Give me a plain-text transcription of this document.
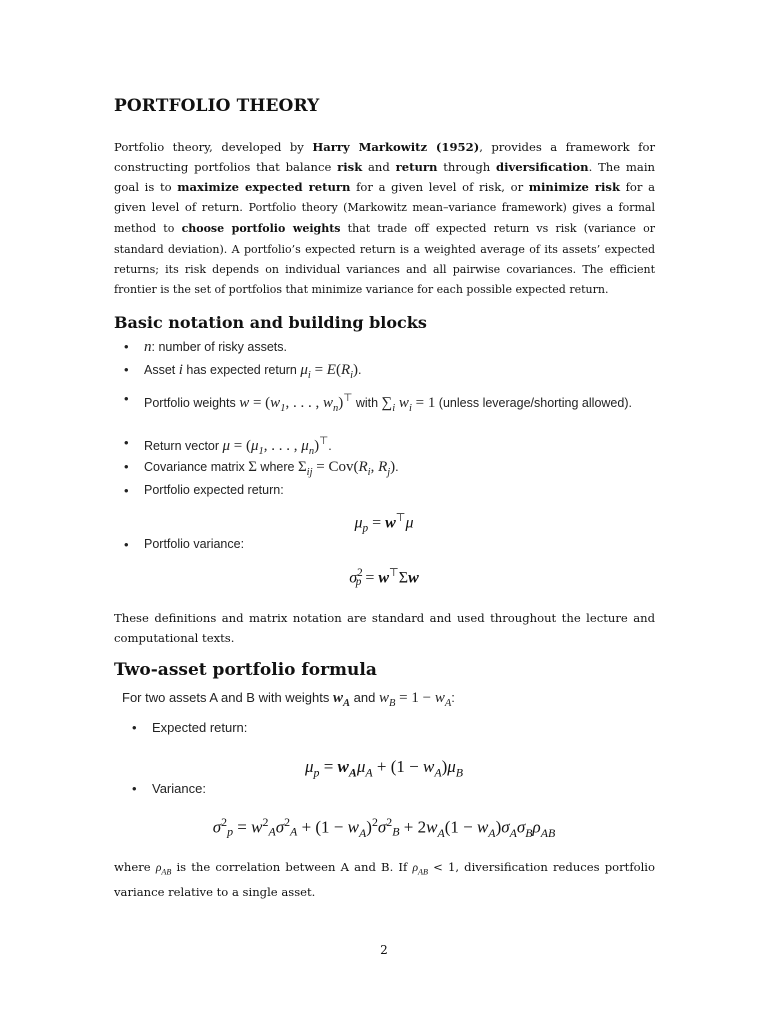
PORTFOLIO THEORY
Portfolio theory, developed by Harry Markowitz (1952), provides a framework for constructing portfolios that balance risk and return through diversification. The main goal is to maximize expected return for a given level of risk, or minimize risk for a given level of return. Portfolio theory (Markowitz mean–variance framework) gives a formal method to choose portfolio weights that trade off expected return vs risk (variance or standard deviation). A portfolio’s expected return is a weighted average of its assets’ expected returns; its risk depends on individual variances and all pairwise covariances. The efficient frontier is the set of portfolios that minimize variance for each possible expected return.
Basic notation and building blocks
• n: number of risky assets.
• Asset i has expected return $\mu_i = E(R_i)$.
• Portfolio weights $w = (w_1$, . . . , $w_n)^⊤$ with $\sum_i$ $w_i = 1$ (unless leverage/shorting allowed).
• Return vector $\mu = (\mu_1$, . . . , $\mu_n)^⊤$.
• Covariance matrix Σ where $\Sigma_{ij} = Cov(R_i$, $R_j$).
• Portfolio expected return:
$\mu_p = w^⊤\mu$
• Portfolio variance:
$\sigma^2p = w^⊤\Sigma w$

These definitions and matrix notation are standard and used throughout the lecture and computational texts.

Two-asset portfolio formula
For two assets A and B with weights $w_A$ and $w_B = 1 - w_A$:
• Expected return:
$\mu_p = w_A\mu_A + (1 - w_A)\mu_B$
• Variance:
$\sigma^2p = w^2A\sigma^2A + (1 - w_A)^2\sigma^2B + 2w_A(1 - w_A)\sigma_A\sigma_B\rho_{AB}$

where $\rho_{AB}$ is the correlation between A and B. If $\rho_{AB} < 1$, diversification reduces portfolio variance relative to a single asset.

2
